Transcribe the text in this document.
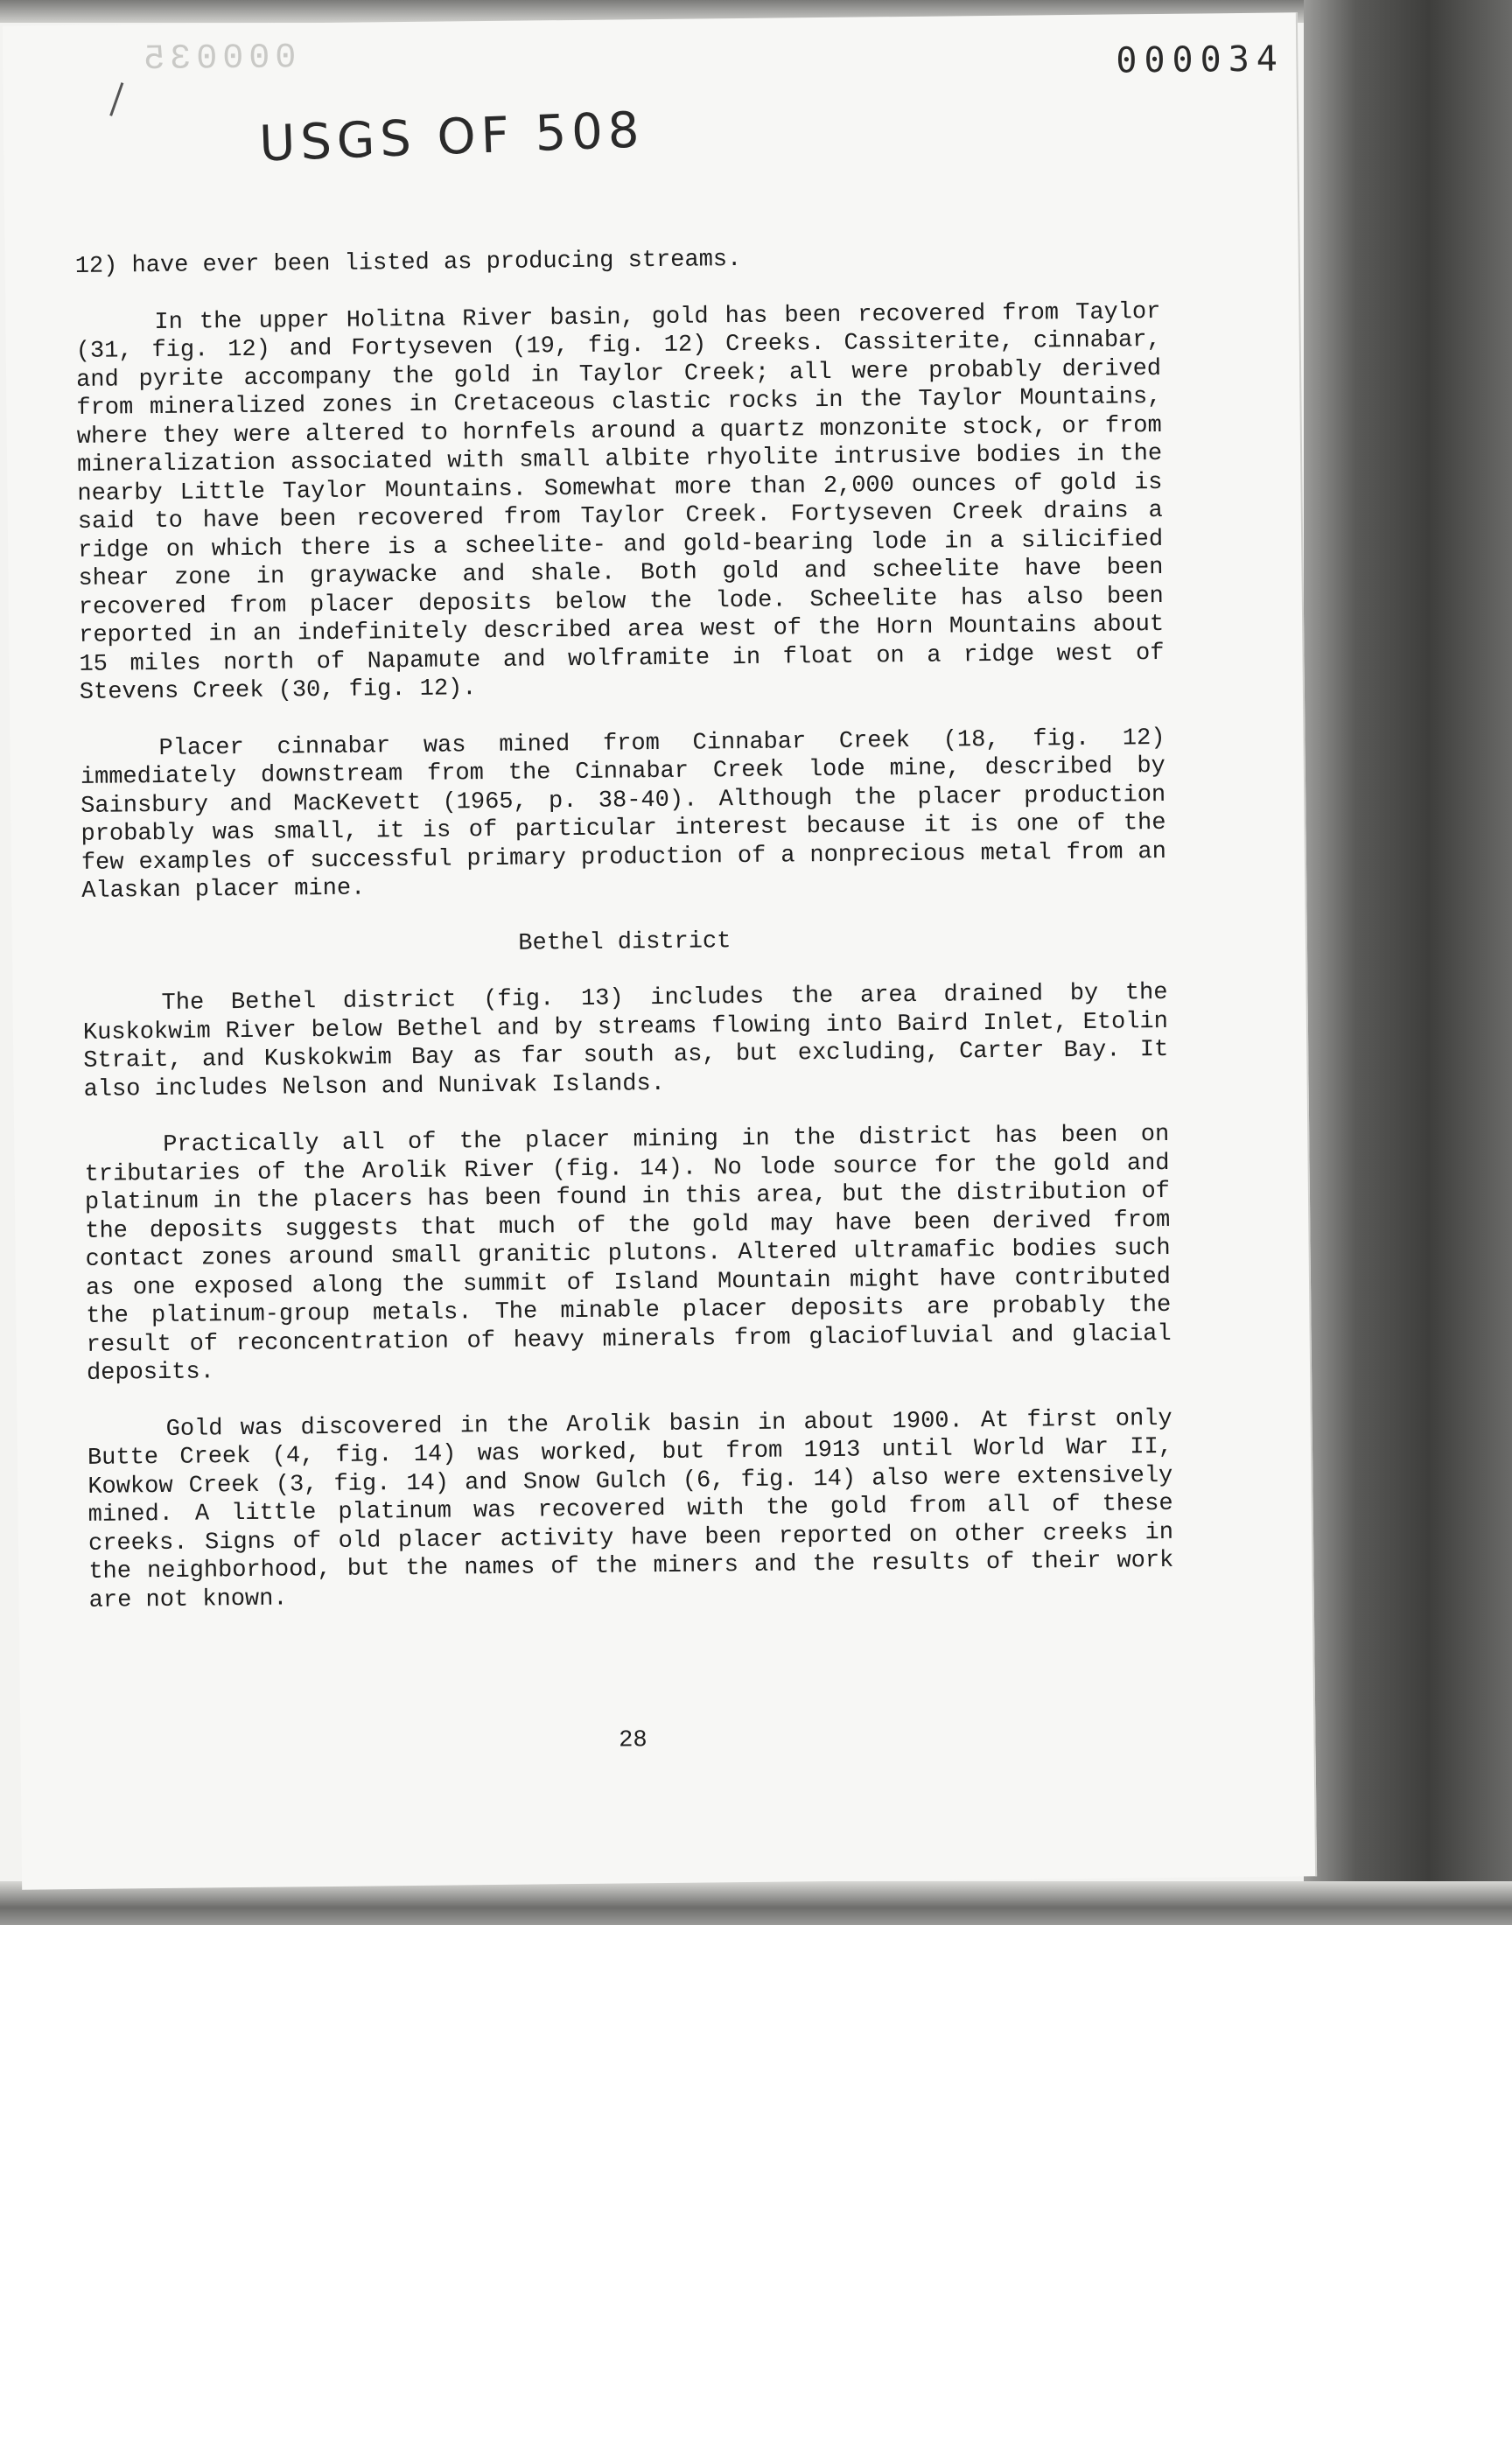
000035	000034
USGS OF 508

12) have ever been listed as producing streams.

In the upper Holitna River basin, gold has been recovered from Taylor (31, fig. 12) and Fortyseven (19, fig. 12) Creeks. Cassiterite, cinnabar, and pyrite accompany the gold in Taylor Creek; all were probably derived from mineralized zones in Cretaceous clastic rocks in the Taylor Mountains, where they were altered to hornfels around a quartz monzonite stock, or from mineralization associated with small albite rhyolite intrusive bodies in the nearby Little Taylor Mountains. Somewhat more than 2,000 ounces of gold is said to have been recovered from Taylor Creek. Fortyseven Creek drains a ridge on which there is a scheelite- and gold-bearing lode in a silicified shear zone in graywacke and shale. Both gold and scheelite have been recovered from placer deposits below the lode. Scheelite has also been reported in an indefinitely described area west of the Horn Mountains about 15 miles north of Napamute and wolframite in float on a ridge west of Stevens Creek (30, fig. 12).

Placer cinnabar was mined from Cinnabar Creek (18, fig. 12) immediately downstream from the Cinnabar Creek lode mine, described by Sainsbury and MacKevett (1965, p. 38-40). Although the placer production probably was small, it is of particular interest because it is one of the few examples of successful primary production of a nonprecious metal from an Alaskan placer mine.

Bethel district

The Bethel district (fig. 13) includes the area drained by the Kuskokwim River below Bethel and by streams flowing into Baird Inlet, Etolin Strait, and Kuskokwim Bay as far south as, but excluding, Carter Bay. It also includes Nelson and Nunivak Islands.

Practically all of the placer mining in the district has been on tributaries of the Arolik River (fig. 14). No lode source for the gold and platinum in the placers has been found in this area, but the distribution of the deposits suggests that much of the gold may have been derived from contact zones around small granitic plutons. Altered ultramafic bodies such as one exposed along the summit of Island Mountain might have contributed the platinum-group metals. The minable placer deposits are probably the result of reconcentration of heavy minerals from glaciofluvial and glacial deposits.

Gold was discovered in the Arolik basin in about 1900. At first only Butte Creek (4, fig. 14) was worked, but from 1913 until World War II, Kowkow Creek (3, fig. 14) and Snow Gulch (6, fig. 14) also were extensively mined. A little platinum was recovered with the gold from all of these creeks. Signs of old placer activity have been reported on other creeks in the neighborhood, but the names of the miners and the results of their work are not known.

28
